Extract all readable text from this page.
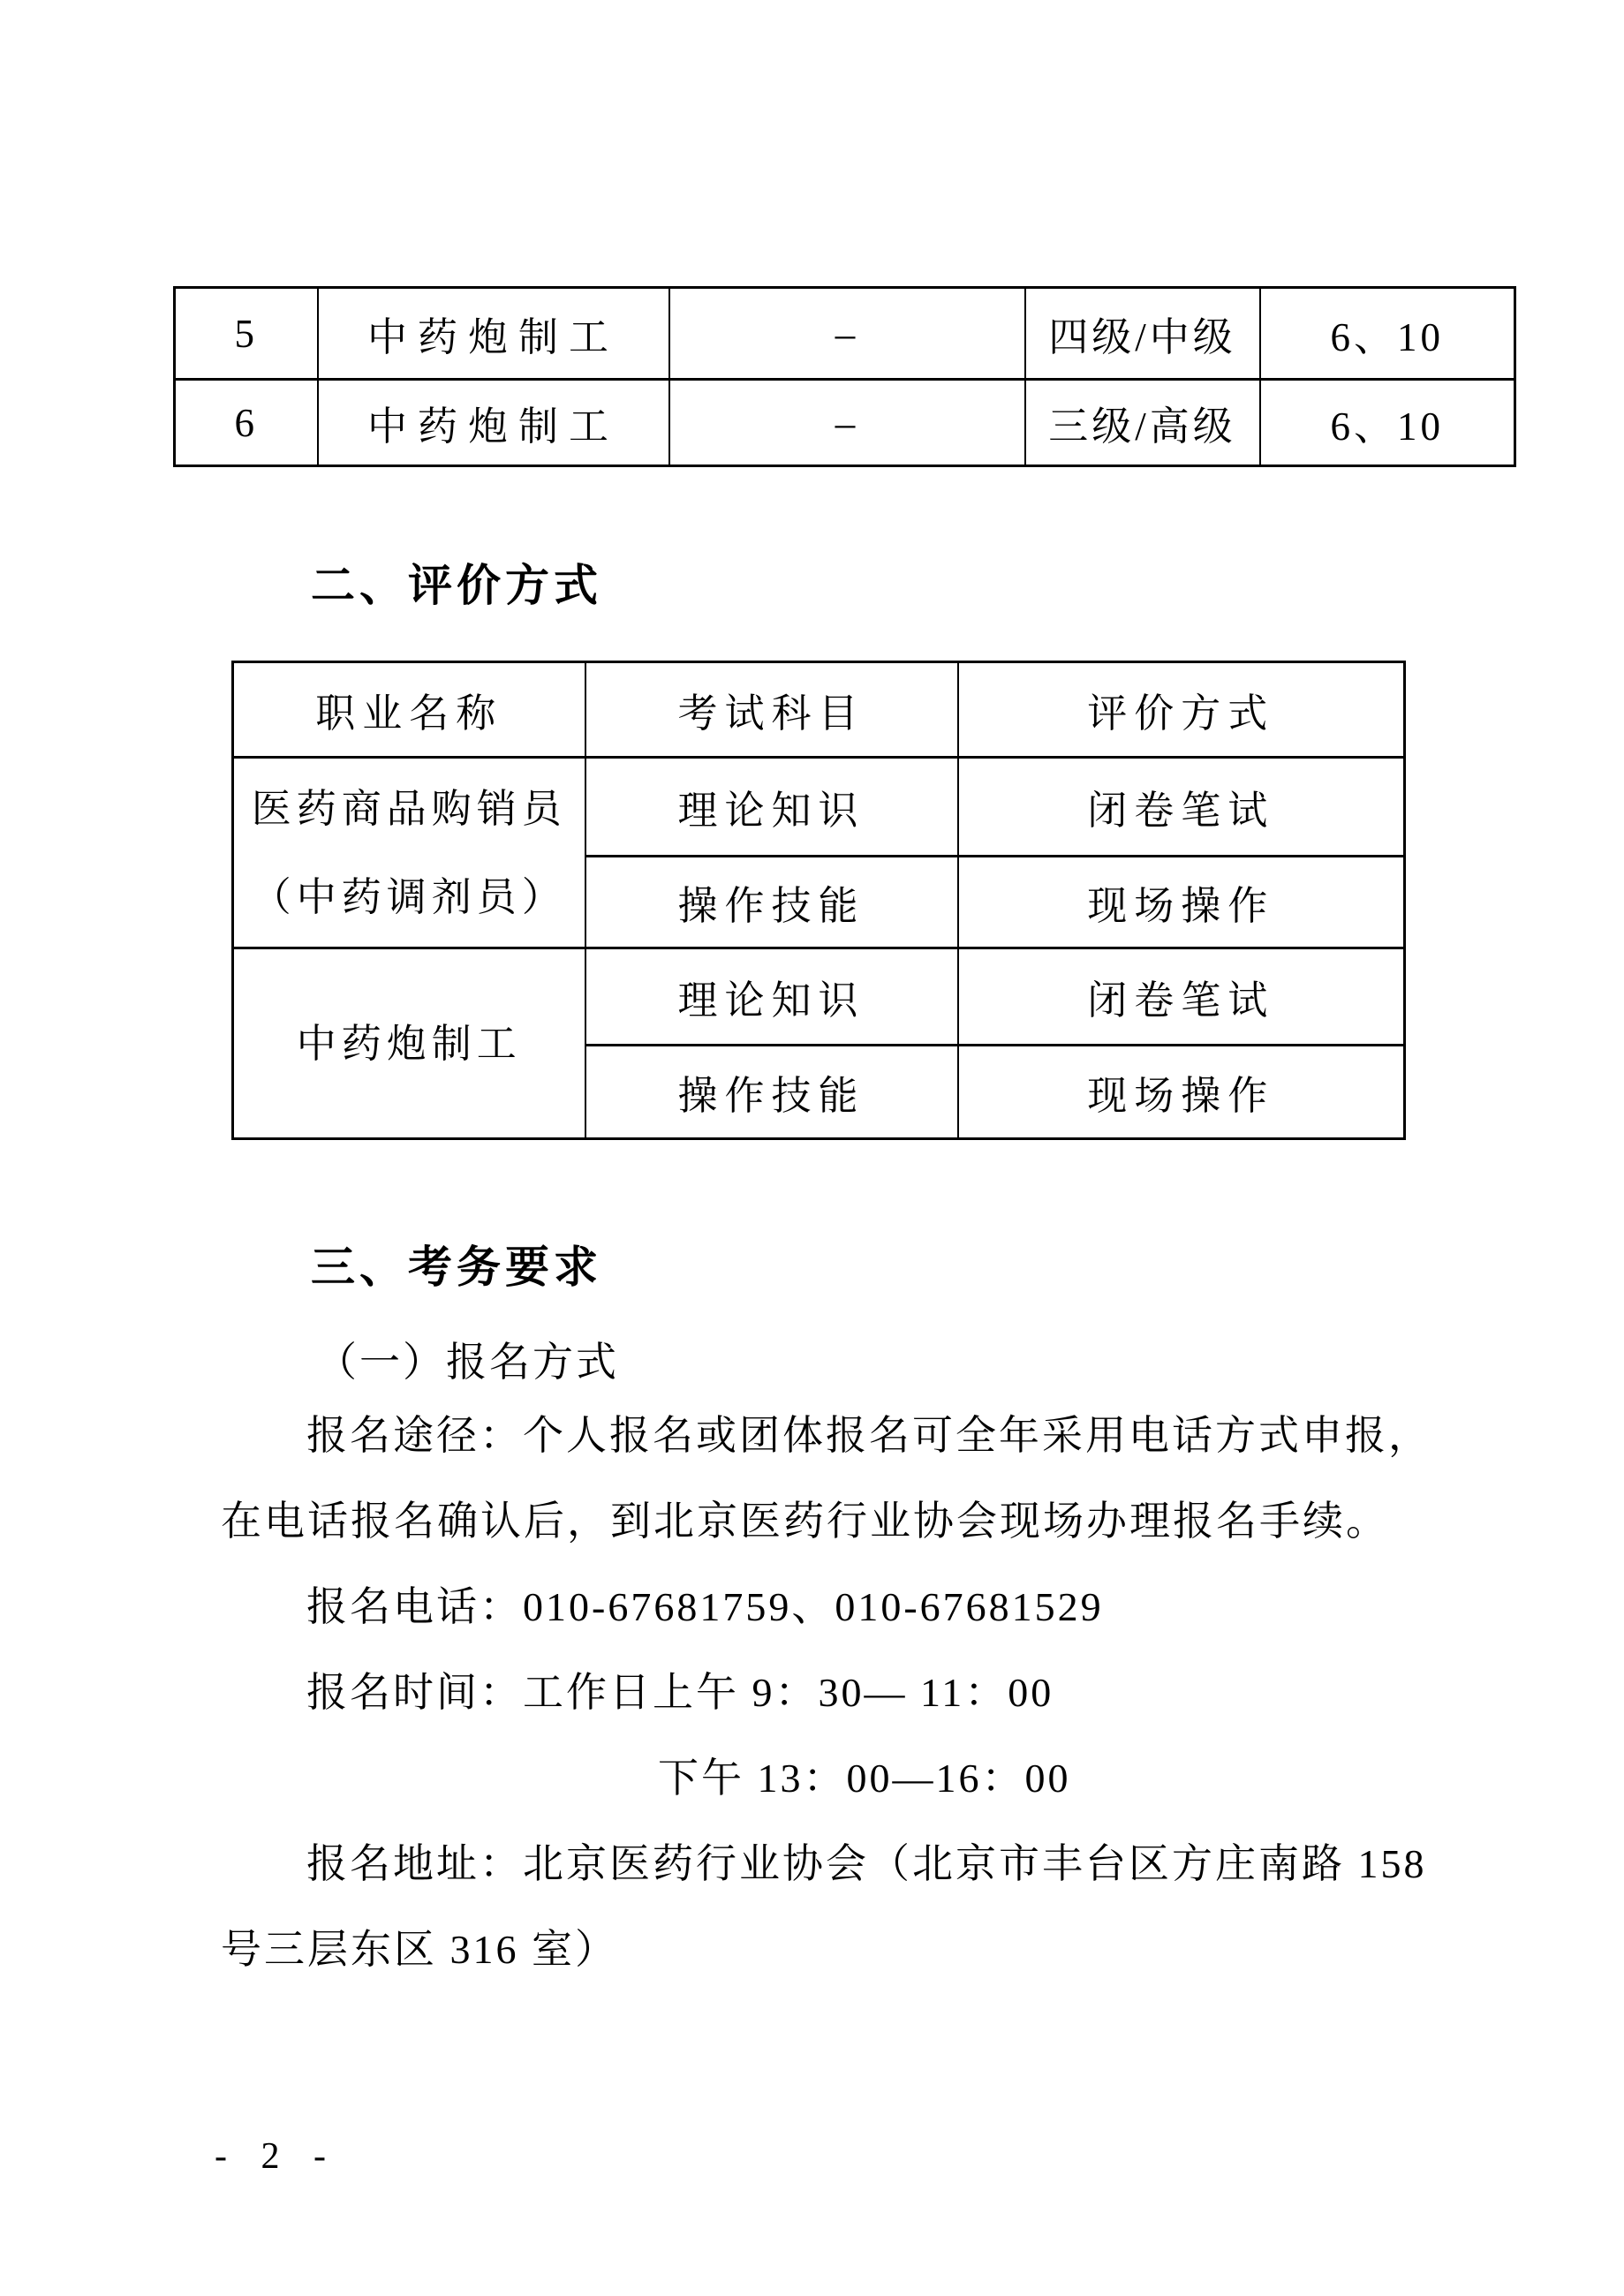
5	中药炮制工	–	四级/中级	6、10
6	中药炮制工	–	三级/高级	6、10
二、评价方式
职业名称	考试科目	评价方式

医药商品购销员
（中药调剂员）	理论知识	闭卷笔试
	操作技能	现场操作

中药炮制工	理论知识	闭卷笔试
	操作技能	现场操作
三、考务要求
（一）报名方式
报名途径：个人报名或团体报名可全年采用电话方式申报，
在电话报名确认后，到北京医药行业协会现场办理报名手续。
报名电话：010-67681759、010-67681529
报名时间：工作日上午 9：30— 11：00
下午 13：00—16：00
报名地址：北京医药行业协会（北京市丰台区方庄南路 158
号三层东区 316 室）
- 2 -
